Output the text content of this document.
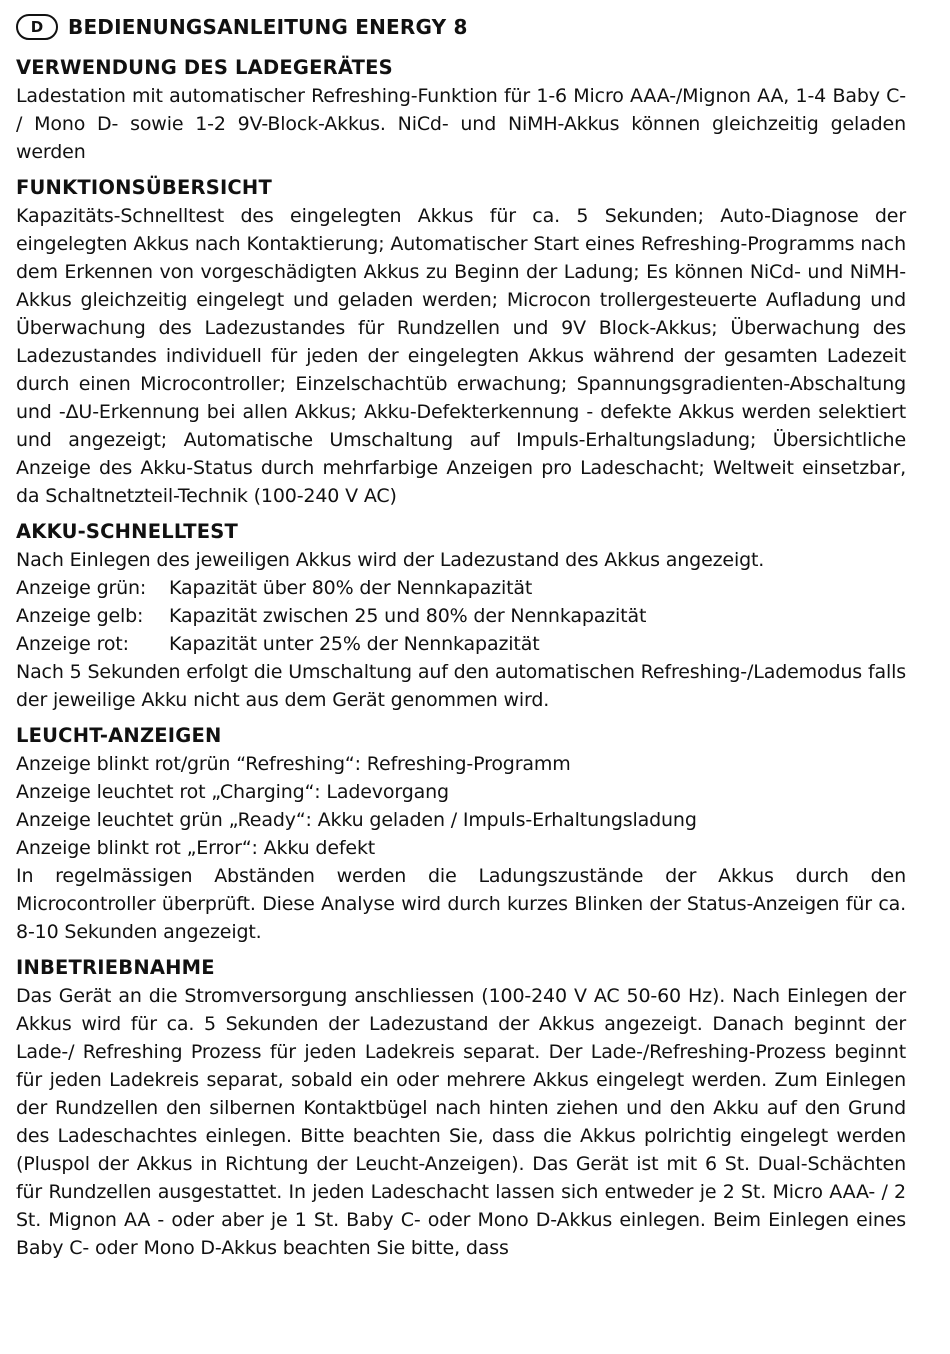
D	BEDIENUNGSANLEITUNG ENERGY 8
VERWENDUNG DES LADEGERÄTES

Ladestation mit automatischer Refreshing-Funktion für 1-6 Micro AAA-/Mignon AA, 1-4 Baby C- / Mono D- sowie 1-2 9V-Block-Akkus. NiCd- und NiMH-Akkus können gleichzeitig geladen werden

FUNKTIONSÜBERSICHT

Kapazitäts-Schnelltest des eingelegten Akkus für ca. 5 Sekunden; Auto-Diagnose der eingelegten Akkus nach Kontaktierung; Automatischer Start eines Refreshing-Programms nach dem Erkennen von vorgeschädigten Akkus zu Beginn der Ladung; Es können NiCd- und NiMH-Akkus gleichzeitig eingelegt und geladen werden; Microcon trollergesteuerte Aufladung und Überwachung des Ladezustandes für Rundzellen und 9V Block-Akkus; Überwachung des Ladezustandes individuell für jeden der eingelegten Akkus während der gesamten Ladezeit durch einen Microcontroller; Einzelschachtüb erwachung; Spannungsgradienten-Abschaltung und -ΔU-Erkennung bei allen Akkus; Akku-Defekterkennung - defekte Akkus werden selektiert und angezeigt; Automatische Umschaltung auf Impuls-Erhaltungsladung; Übersichtliche Anzeige des Akku-Status durch mehrfarbige Anzeigen pro Ladeschacht; Weltweit einsetzbar, da Schaltnetzteil-Technik (100-240 V AC)

AKKU-SCHNELLTEST
Nach Einlegen des jeweiligen Akkus wird der Ladezustand des Akkus angezeigt.
Anzeige grün:	Kapazität über 80% der Nennkapazität
Anzeige gelb:	Kapazität zwischen 25 und 80% der Nennkapazität
Anzeige rot:	Kapazität unter 25% der Nennkapazität

Nach 5 Sekunden erfolgt die Umschaltung auf den automatischen Refreshing-/Lademodus falls der jeweilige Akku nicht aus dem Gerät genommen wird.

LEUCHT-ANZEIGEN
Anzeige blinkt rot/grün “Refreshing“: Refreshing-Programm
Anzeige leuchtet rot „Charging“: Ladevorgang
Anzeige leuchtet grün „Ready“: Akku geladen / Impuls-Erhaltungsladung
Anzeige blinkt rot „Error“: Akku defekt

In regelmässigen Abständen werden die Ladungszustände der Akkus durch den Microcontroller überprüft. Diese Analyse wird durch kurzes Blinken der Status-Anzeigen für ca. 8-10 Sekunden angezeigt.

INBETRIEBNAHME

Das Gerät an die Stromversorgung anschliessen (100-240 V AC 50-60 Hz). Nach Einlegen der Akkus wird für ca. 5 Sekunden der Ladezustand der Akkus angezeigt. Danach beginnt der Lade-/ Refreshing Prozess für jeden Ladekreis separat. Der Lade-/Refreshing-Prozess beginnt für jeden Ladekreis separat, sobald ein oder mehrere Akkus eingelegt werden. Zum Einlegen der Rundzellen den silbernen Kontaktbügel nach hinten ziehen und den Akku auf den Grund des Ladeschachtes einlegen. Bitte beachten Sie, dass die Akkus polrichtig eingelegt werden (Pluspol der Akkus in Richtung der Leucht-Anzeigen). Das Gerät ist mit 6 St. Dual-Schächten für Rundzellen ausgestattet. In jeden Ladeschacht lassen sich entweder je 2 St. Micro AAA- / 2 St. Mignon AA - oder aber je 1 St. Baby C- oder Mono D-Akkus einlegen. Beim Einlegen eines Baby C- oder Mono D-Akkus beachten Sie bitte, dass
